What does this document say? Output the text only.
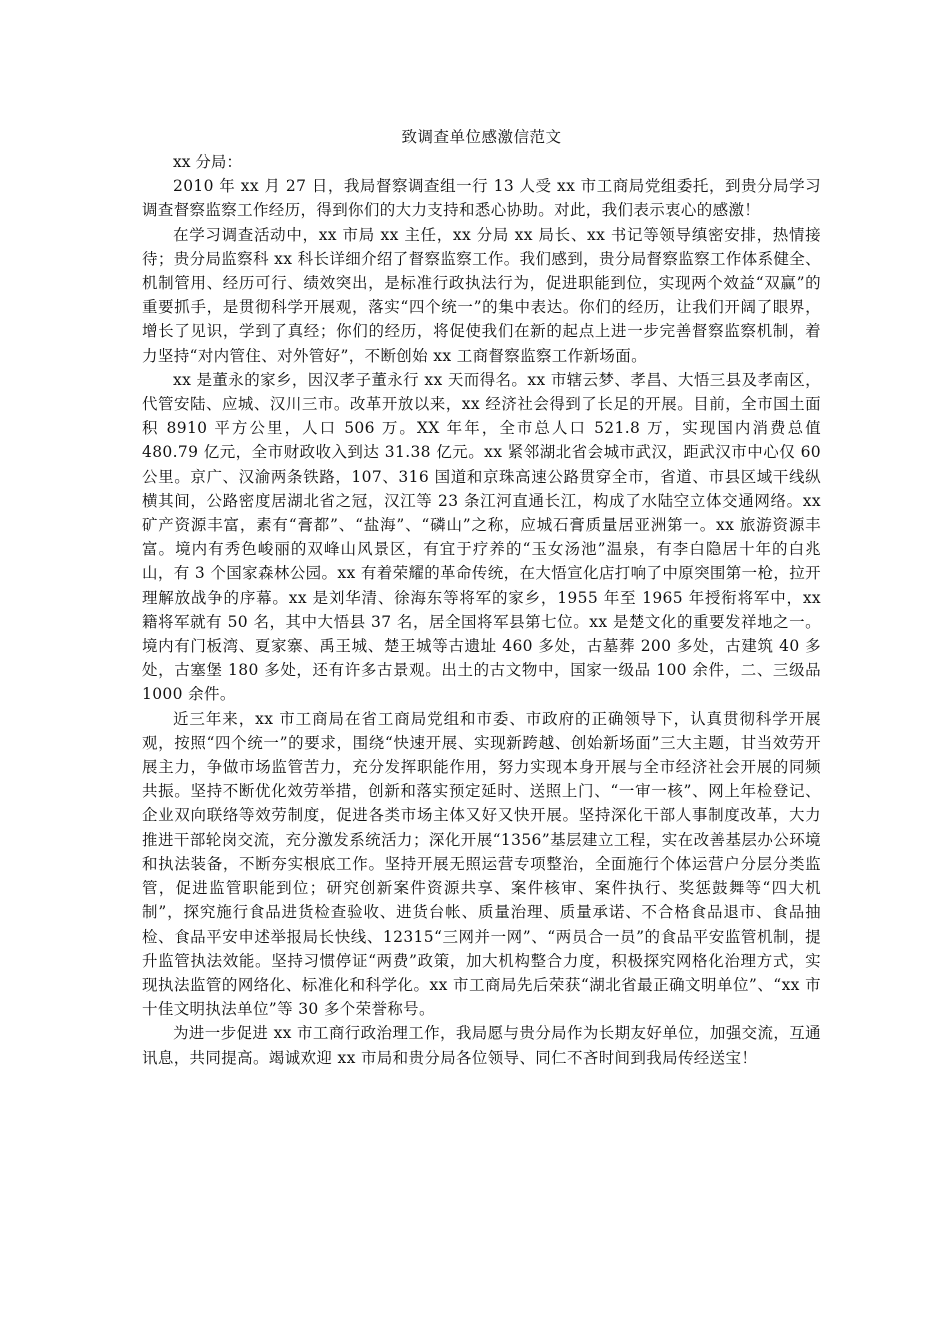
致调查单位感激信范文

xx 分局：

2010 年 xx 月 27 日，我局督察调查组一行 13 人受 xx 市工商局党组委托，到贵分局学习调查督察监察工作经历，得到你们的大力支持和悉心协助。对此，我们表示衷心的感激！

在学习调查活动中，xx 市局 xx 主任，xx 分局 xx 局长、xx 书记等领导缜密安排，热情接待；贵分局监察科 xx 科长详细介绍了督察监察工作。我们感到，贵分局督察监察工作体系健全、机制管用、经历可行、绩效突出，是标准行政执法行为，促进职能到位，实现两个效益“双赢”的重要抓手，是贯彻科学开展观，落实“四个统一”的集中表达。你们的经历，让我们开阔了眼界，增长了见识，学到了真经；你们的经历，将促使我们在新的起点上进一步完善督察监察机制，着力坚持“对内管住、对外管好”，不断创始 xx 工商督察监察工作新场面。

xx 是董永的家乡，因汉孝子董永行 xx 天而得名。xx 市辖云梦、孝昌、大悟三县及孝南区，代管安陆、应城、汉川三市。改革开放以来，xx 经济社会得到了长足的开展。目前，全市国土面积 8910 平方公里，人口 506 万。XX 年年，全市总人口 521.8 万，实现国内消费总值 480.79 亿元，全市财政收入到达 31.38 亿元。xx 紧邻湖北省会城市武汉，距武汉市中心仅 60 公里。京广、汉渝两条铁路，107、316 国道和京珠高速公路贯穿全市，省道、市县区域干线纵横其间，公路密度居湖北省之冠，汉江等 23 条江河直通长江，构成了水陆空立体交通网络。xx 矿产资源丰富，素有“膏都”、“盐海”、“磷山”之称，应城石膏质量居亚洲第一。xx 旅游资源丰富。境内有秀色峻丽的双峰山风景区，有宜于疗养的“玉女汤池”温泉，有李白隐居十年的白兆山，有 3 个国家森林公园。xx 有着荣耀的革命传统，在大悟宣化店打响了中原突围第一枪，拉开理解放战争的序幕。xx 是刘华清、徐海东等将军的家乡，1955 年至 1965 年授衔将军中，xx 籍将军就有 50 名，其中大悟县 37 名，居全国将军县第七位。xx 是楚文化的重要发祥地之一。境内有门板湾、夏家寨、禹王城、楚王城等古遗址 460 多处，古墓葬 200 多处，古建筑 40 多处，古塞堡 180 多处，还有许多古景观。出土的古文物中，国家一级品 100 余件，二、三级品 1000 余件。

近三年来，xx 市工商局在省工商局党组和市委、市政府的正确领导下，认真贯彻科学开展观，按照“四个统一”的要求，围绕“快速开展、实现新跨越、创始新场面”三大主题，甘当效劳开展主力，争做市场监管苦力，充分发挥职能作用，努力实现本身开展与全市经济社会开展的同频共振。坚持不断优化效劳举措，创新和落实预定延时、送照上门、“一审一核”、网上年检登记、企业双向联络等效劳制度，促进各类市场主体又好又快开展。坚持深化干部人事制度改革，大力推进干部轮岗交流，充分激发系统活力；深化开展“1356”基层建立工程，实在改善基层办公环境和执法装备，不断夯实根底工作。坚持开展无照运营专项整治，全面施行个体运营户分层分类监管，促进监管职能到位；研究创新案件资源共享、案件核审、案件执行、奖惩鼓舞等“四大机制”，探究施行食品进货检查验收、进货台帐、质量治理、质量承诺、不合格食品退市、食品抽检、食品平安申述举报局长快线、12315“三网并一网”、“两员合一员”的食品平安监管机制，提升监管执法效能。坚持习惯停证“两费”政策，加大机构整合力度，积极探究网格化治理方式，实现执法监管的网络化、标准化和科学化。xx 市工商局先后荣获“湖北省最正确文明单位”、“xx 市十佳文明执法单位”等 30 多个荣誉称号。

为进一步促进 xx 市工商行政治理工作，我局愿与贵分局作为长期友好单位，加强交流，互通讯息，共同提高。竭诚欢迎 xx 市局和贵分局各位领导、同仁不吝时间到我局传经送宝！
